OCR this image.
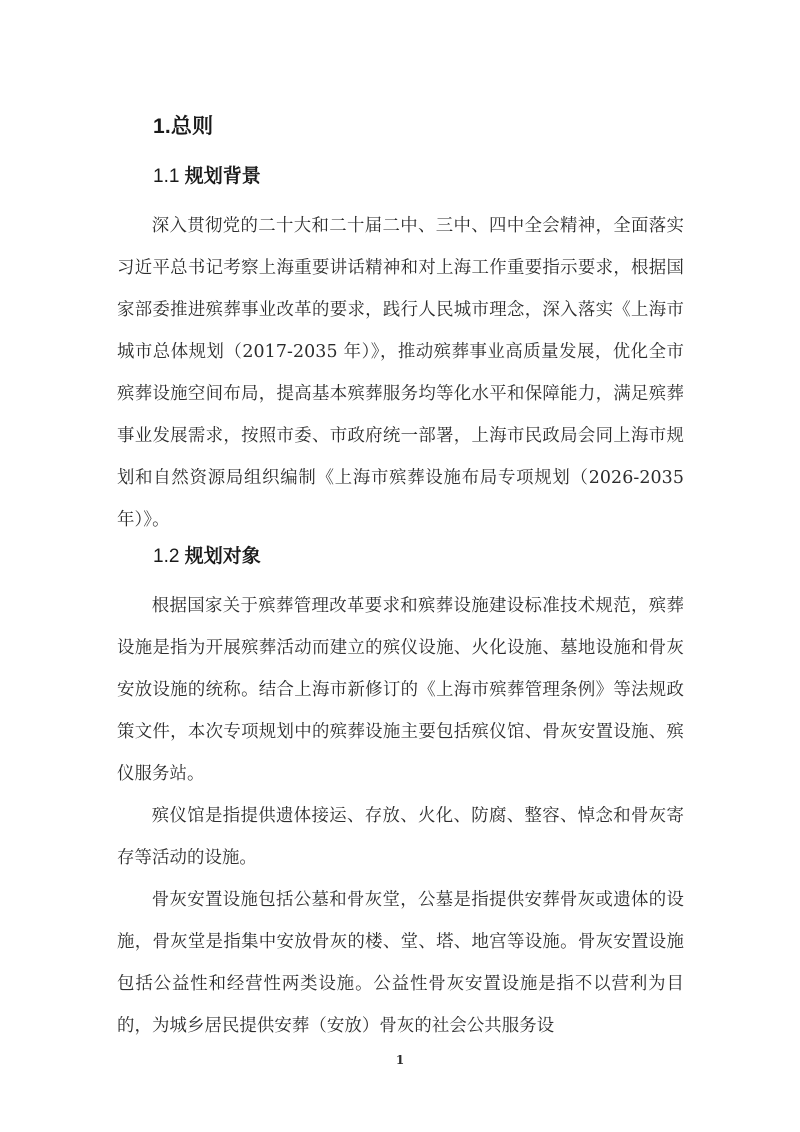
1.总则
1.1 规划背景

深入贯彻党的二十大和二十届二中、三中、四中全会精神，全面落实习近平总书记考察上海重要讲话精神和对上海工作重要指示要求，根据国家部委推进殡葬事业改革的要求，践行人民城市理念，深入落实《上海市城市总体规划（2017-2035 年）》，推动殡葬事业高质量发展，优化全市殡葬设施空间布局，提高基本殡葬服务均等化水平和保障能力，满足殡葬事业发展需求，按照市委、市政府统一部署，上海市民政局会同上海市规划和自然资源局组织编制《上海市殡葬设施布局专项规划（2026-2035 年）》。

1.2 规划对象

根据国家关于殡葬管理改革要求和殡葬设施建设标准技术规范，殡葬设施是指为开展殡葬活动而建立的殡仪设施、火化设施、墓地设施和骨灰安放设施的统称。结合上海市新修订的《上海市殡葬管理条例》等法规政策文件，本次专项规划中的殡葬设施主要包括殡仪馆、骨灰安置设施、殡仪服务站。

殡仪馆是指提供遗体接运、存放、火化、防腐、整容、悼念和骨灰寄存等活动的设施。

骨灰安置设施包括公墓和骨灰堂，公墓是指提供安葬骨灰或遗体的设施，骨灰堂是指集中安放骨灰的楼、堂、塔、地宫等设施。骨灰安置设施包括公益性和经营性两类设施。公益性骨灰安置设施是指不以营利为目的，为城乡居民提供安葬（安放）骨灰的社会公共服务设

1
